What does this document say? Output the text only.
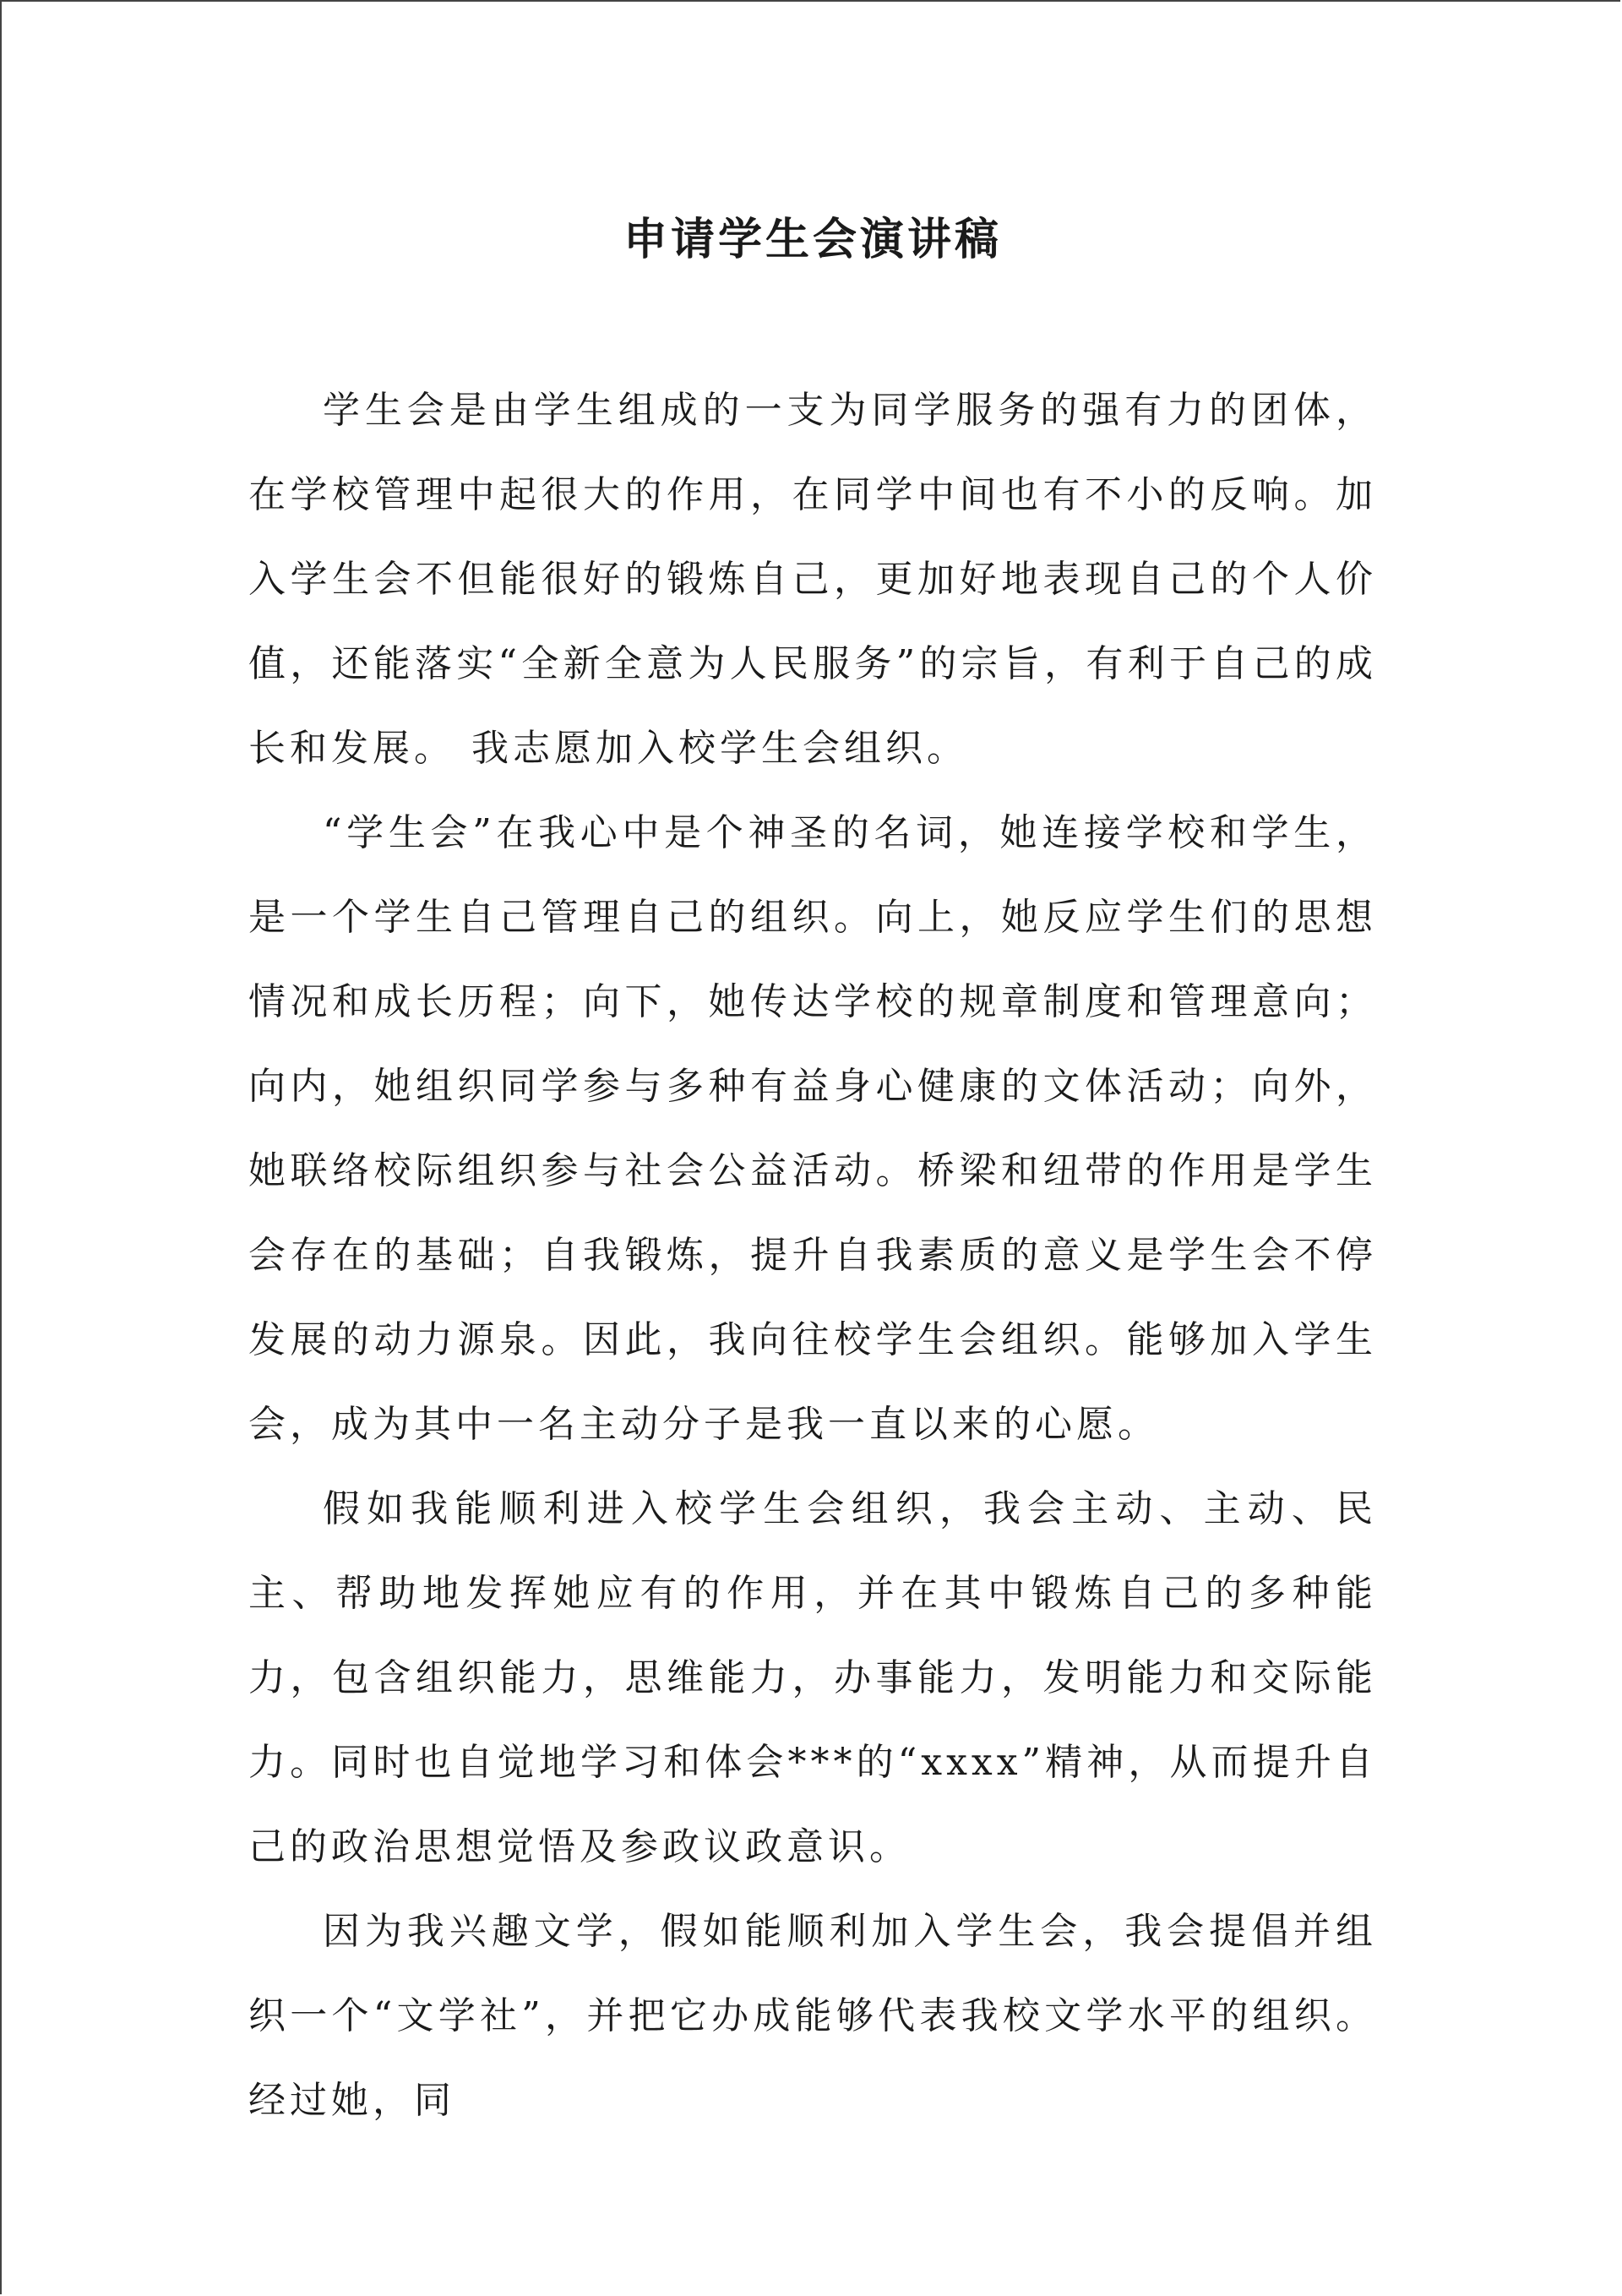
申请学生会演讲稿

学生会是由学生组成的一支为同学服务的强有力的团体，在学校管理中起很大的作用，在同学中间也有不小的反响。加入学生会不但能很好的锻炼自己，更加好地表现自己的个人价值，还能落实“全新全意为人民服务”的宗旨，有利于自己的成长和发展。 我志愿加入校学生会组织。

“学生会”在我心中是个神圣的名词，她连接学校和学生，是一个学生自己管理自己的组织。向上，她反应学生们的思想情况和成长历程；向下，她传达学校的规章制度和管理意向；向内，她组织同学参与多种有益身心健康的文体活动；向外，她联络校际组织参与社会公益活动。桥梁和纽带的作用是学生会存在的基础；自我锻炼，提升自我素质的意义是学生会不停发展的动力源泉。因此，我向往校学生会组织。能够加入学生会，成为其中一名主动分子是我一直以来的心愿。

假如我能顺利进入校学生会组织，我会主动、主动、民主、帮助地发挥她应有的作用，并在其中锻炼自己的多种能力，包含组织能力，思维能力，办事能力，发明能力和交际能力。同时也自觉地学习和体会***的“xxxx”精神，从而提升自己的政治思想觉悟及参政议政意识。

因为我兴趣文学，假如能顺利加入学生会，我会提倡并组织一个“文学社”，并把它办成能够代表我校文学水平的组织。经过她，同
